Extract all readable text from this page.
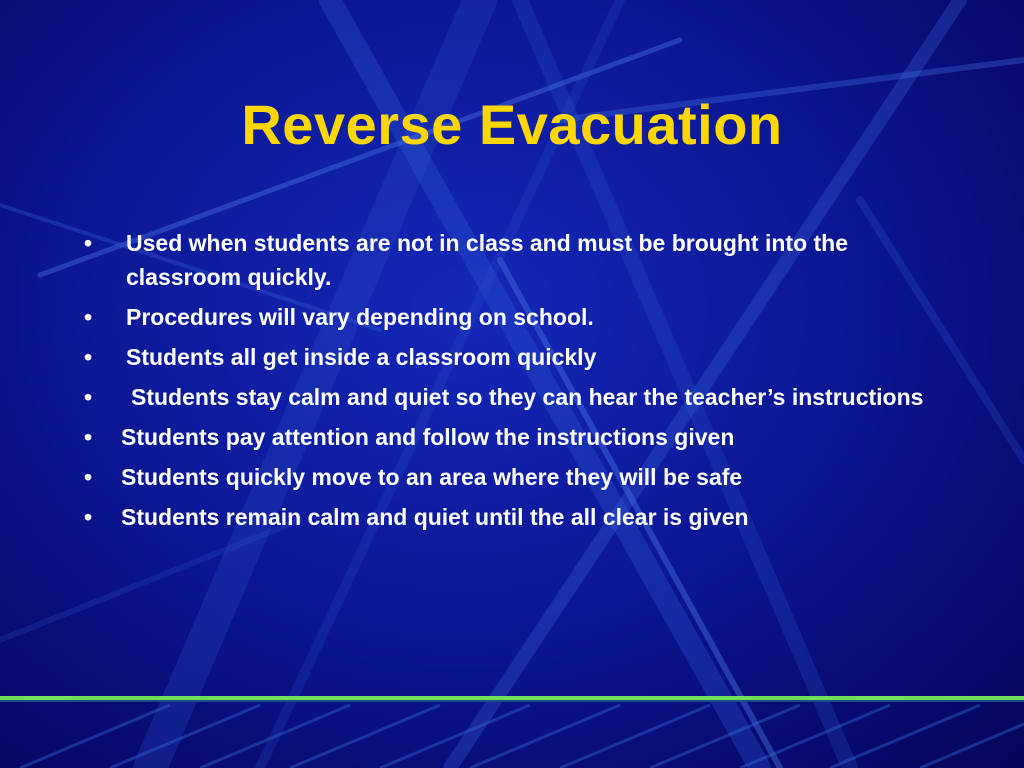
Reverse Evacuation
•	Used when students are not in class and must be brought into the classroom quickly.
•	Procedures will vary depending on school.
•	Students all get inside a classroom quickly
•	Students stay calm and quiet so they can hear the teacher’s instructions
•	Students pay attention and follow the instructions given
•	Students quickly move to an area where they will be safe
•	Students remain calm and quiet until the all clear is given
